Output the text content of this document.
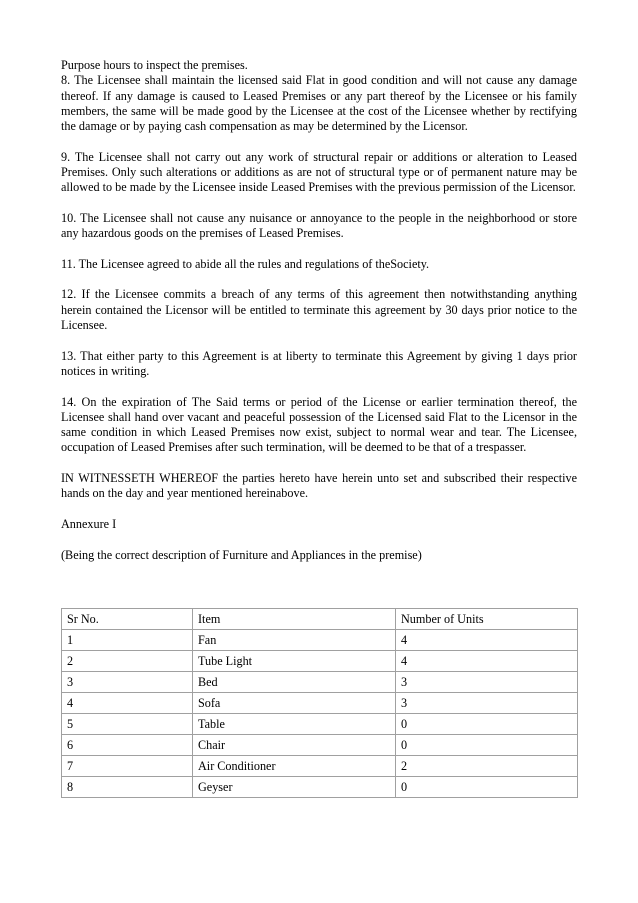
Purpose hours to inspect the premises.

8. The Licensee shall maintain the licensed said Flat in good condition and will not cause any damage thereof. If any damage is caused to Leased Premises or any part thereof by the Licensee or his family members, the same will be made good by the Licensee at the cost of the Licensee whether by rectifying the damage or by paying cash compensation as may be determined by the Licensor.

9. The Licensee shall not carry out any work of structural repair or additions or alteration to Leased Premises. Only such alterations or additions as are not of structural type or of permanent nature may be allowed to be made by the Licensee inside Leased Premises with the previous permission of the Licensor.

10. The Licensee shall not cause any nuisance or annoyance to the people in the neighborhood or store any hazardous goods on the premises of Leased Premises.

11. The Licensee agreed to abide all the rules and regulations of theSociety.

12. If the Licensee commits a breach of any terms of this agreement then notwithstanding anything herein contained the Licensor will be entitled to terminate this agreement by 30 days prior notice to the Licensee.

13. That either party to this Agreement is at liberty to terminate this Agreement by giving 1 days prior notices in writing.

14. On the expiration of The Said terms or period of the License or earlier termination thereof, the Licensee shall hand over vacant and peaceful possession of the Licensed said Flat to the Licensor in the same condition in which Leased Premises now exist, subject to normal wear and tear. The Licensee, occupation of Leased Premises after such termination, will be deemed to be that of a trespasser.

IN WITNESSETH WHEREOF the parties hereto have herein unto set and subscribed their respective hands on the day and year mentioned hereinabove.

Annexure I

(Being the correct description of Furniture and Appliances in the premise)

Sr No.	Item	Number of Units
1	Fan	4
2	Tube Light	4
3	Bed	3
4	Sofa	3
5	Table	0
6	Chair	0
7	Air Conditioner	2
8	Geyser	0
